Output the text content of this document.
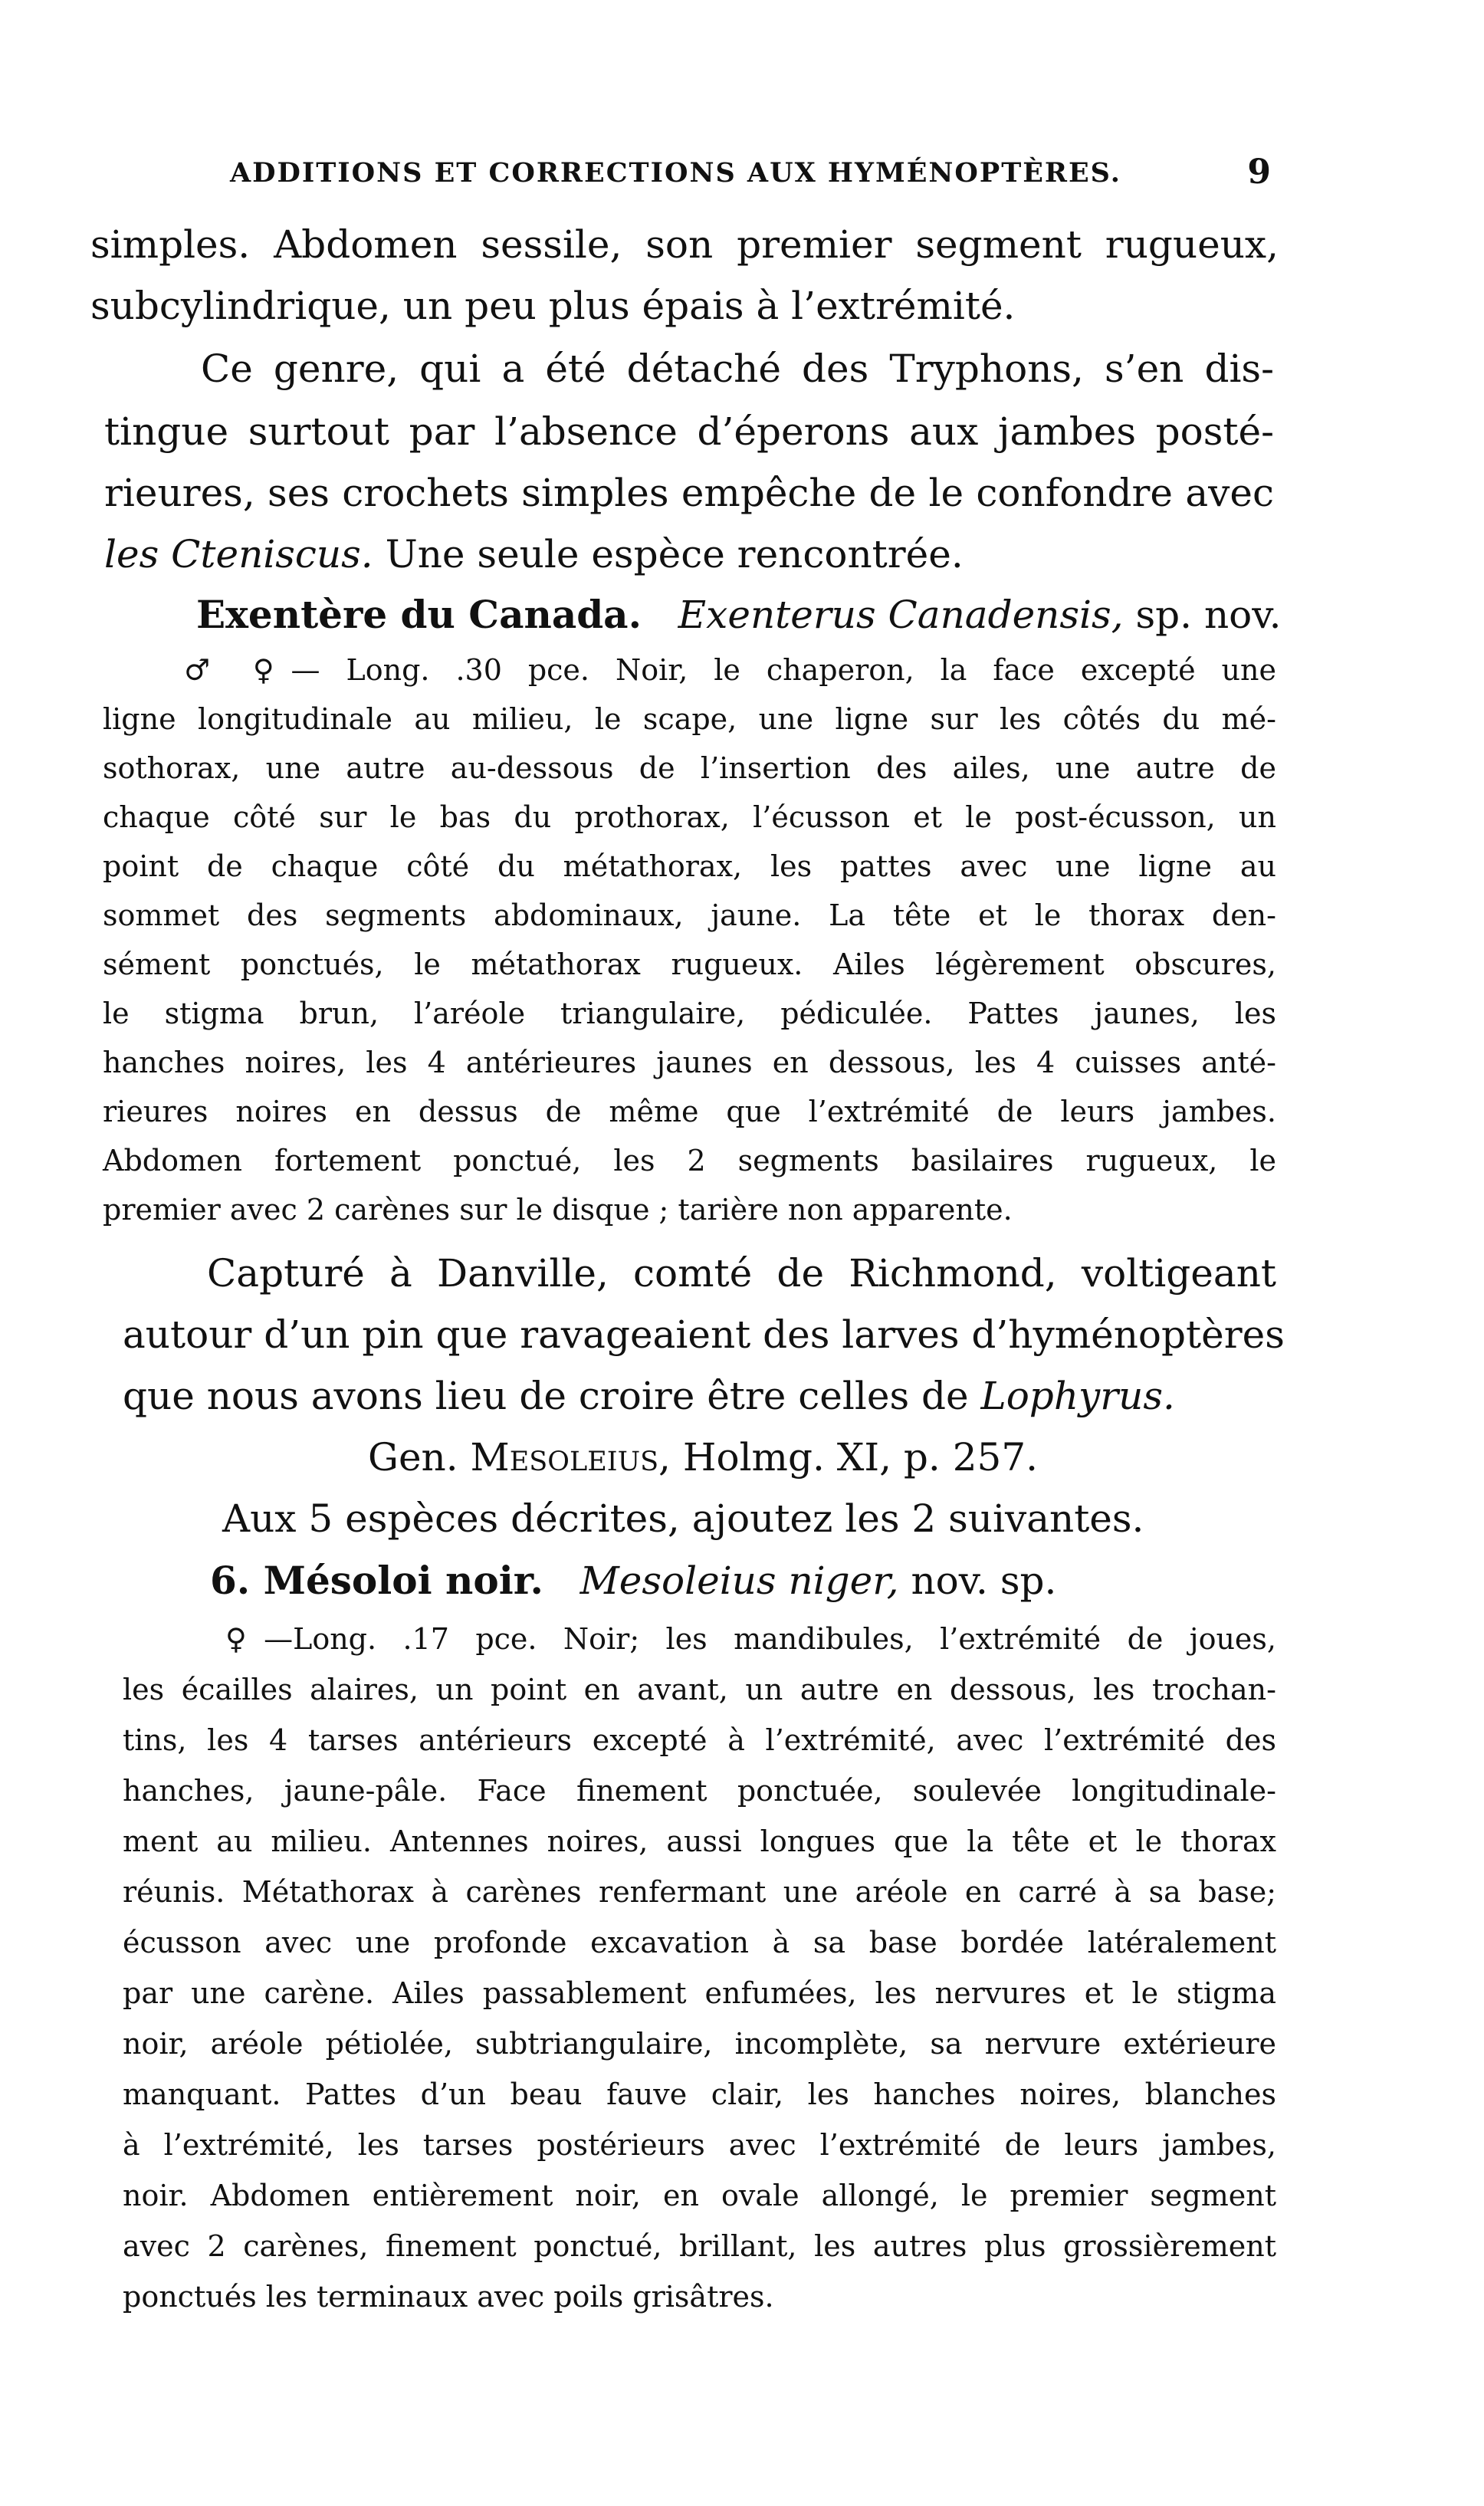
ADDITIONS ET CORRECTIONS AUX HYMÉNOPTÈRES.	9
simples. Abdomen sessile, son premier segment rugueux,
subcylindrique, un peu plus épais à l’extrémité.
Ce genre, qui a été détaché des Tryphons, s’en dis-
tingue surtout par l’absence d’éperons aux jambes posté-
rieures, ses crochets simples empêche de le confondre avec
les Cteniscus. Une seule espèce rencontrée.
Exentère du Canada. Exenterus Canadensis, sp. nov.
♂ ♀— Long. .30 pce. Noir, le chaperon, la face excepté une
ligne longitudinale au milieu, le scape, une ligne sur les côtés du mé-
sothorax, une autre au-dessous de l’insertion des ailes, une autre de
chaque côté sur le bas du prothorax, l’écusson et le post-écusson, un
point de chaque côté du métathorax, les pattes avec une ligne au
sommet des segments abdominaux, jaune. La tête et le thorax den-
sément ponctués, le métathorax rugueux. Ailes légèrement obscures,
le stigma brun, l’aréole triangulaire, pédiculée. Pattes jaunes, les
hanches noires, les 4 antérieures jaunes en dessous, les 4 cuisses anté-
rieures noires en dessus de même que l’extrémité de leurs jambes.
Abdomen fortement ponctué, les 2 segments basilaires rugueux, le
premier avec 2 carènes sur le disque ; tarière non apparente.
Capturé à Danville, comté de Richmond, voltigeant
autour d’un pin que ravageaient des larves d’hyménoptères
que nous avons lieu de croire être celles de Lophyrus.
Gen. Mesoleius, Holmg. XI, p. 257.
Aux 5 espèces décrites, ajoutez les 2 suivantes.
6. Mésoloi noir. Mesoleius niger, nov. sp.
♀—Long. .17 pce. Noir; les mandibules, l’extrémité de joues,
les écailles alaires, un point en avant, un autre en dessous, les trochan-
tins, les 4 tarses antérieurs excepté à l’extrémité, avec l’extrémité des
hanches, jaune-pâle. Face finement ponctuée, soulevée longitudinale-
ment au milieu. Antennes noires, aussi longues que la tête et le thorax
réunis. Métathorax à carènes renfermant une aréole en carré à sa base;
écusson avec une profonde excavation à sa base bordée latéralement
par une carène. Ailes passablement enfumées, les nervures et le stigma
noir, aréole pétiolée, subtriangulaire, incomplète, sa nervure extérieure
manquant. Pattes d’un beau fauve clair, les hanches noires, blanches
à l’extrémité, les tarses postérieurs avec l’extrémité de leurs jambes,
noir. Abdomen entièrement noir, en ovale allongé, le premier segment
avec 2 carènes, finement ponctué, brillant, les autres plus grossièrement
ponctués les terminaux avec poils grisâtres.
